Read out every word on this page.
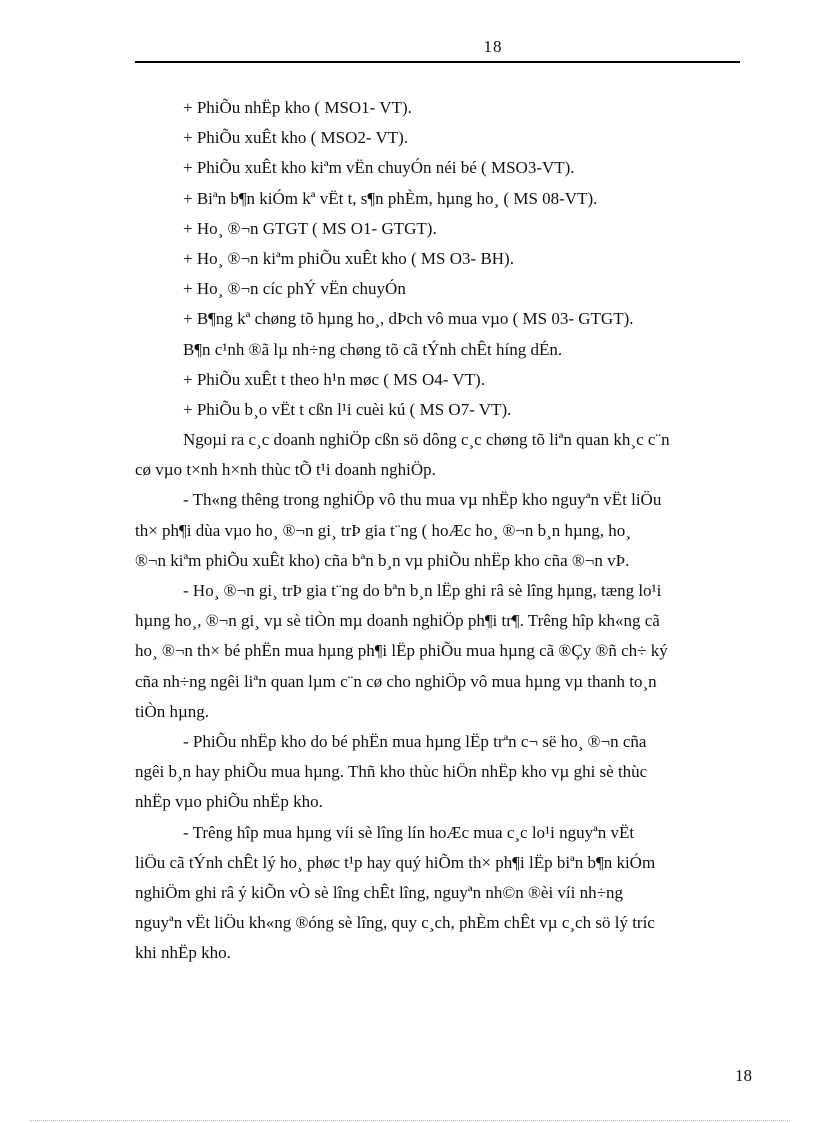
18
+ PhiÕu nhËp kho ( MSO1- VT).
+ PhiÕu xuÊt kho ( MSO2- VT).
+ PhiÕu xuÊt kho kiªm vËn chuyÓn néi bé ( MSO3-VT).
+ Biªn b¶n kiÓm kª vËt t, s¶n phÈm, hµng ho¸ ( MS 08-VT).
+ Ho¸ ®¬n GTGT ( MS O1- GTGT).
+ Ho¸ ®¬n kiªm phiÕu xuÊt kho ( MS O3- BH).
+ Ho¸ ®¬n cíc phÝ vËn chuyÓn
+ B¶ng kª chøng tõ hµng ho¸, dÞch vô mua vµo ( MS 03- GTGT).
B¶n c¹nh ®ã lµ nh÷ng chøng tõ cã tÝnh chÊt híng dÉn.
+ PhiÕu xuÊt t theo h¹n møc ( MS O4- VT).
+ PhiÕu b¸o vËt t cßn l¹i cuèi kú ( MS O7- VT).
Ngoµi ra c¸c doanh nghiÖp cßn sö dông c¸c chøng tõ liªn quan kh¸c c¨n
cø vµo t×nh h×nh thùc tÕ t¹i doanh nghiÖp.
- Th«ng thêng trong nghiÖp vô thu mua vµ nhËp kho nguyªn vËt liÖu
th× ph¶i dùa vµo ho¸ ®¬n gi¸ trÞ gia t¨ng ( hoÆc ho¸ ®¬n b¸n hµng, ho¸
®¬n kiªm phiÕu xuÊt kho) cña bªn b¸n vµ phiÕu nhËp kho cña ®¬n vÞ.
- Ho¸ ®¬n gi¸ trÞ gia t¨ng do bªn b¸n lËp ghi râ sè lîng hµng, tæng lo¹i
hµng ho¸, ®¬n gi¸ vµ sè tiÒn mµ doanh nghiÖp ph¶i tr¶. Trêng hîp kh«ng cã
ho¸ ®¬n th× bé phËn mua hµng ph¶i lËp phiÕu mua hµng cã ®Çy ®ñ ch÷ ký
cña nh÷ng ngêi liªn quan lµm c¨n cø cho nghiÖp vô mua hµng vµ thanh to¸n
tiÒn hµng.
- PhiÕu nhËp kho do bé phËn mua hµng lËp trªn c¬ së ho¸ ®¬n cña
ngêi b¸n hay phiÕu mua hµng. Thñ kho thùc hiÖn nhËp kho vµ ghi sè thùc
nhËp vµo phiÕu nhËp kho.
- Trêng hîp mua hµng víi sè lîng lín hoÆc mua c¸c lo¹i nguyªn vËt
liÖu cã tÝnh chÊt lý ho¸ phøc t¹p hay quý hiÕm th× ph¶i lËp biªn b¶n kiÓm
nghiÖm ghi râ ý kiÕn vÒ sè lîng chÊt lîng, nguyªn nh©n ®èi víi nh÷ng
nguyªn vËt liÖu kh«ng ®óng sè lîng, quy c¸ch, phÈm chÊt vµ c¸ch sö lý tríc
khi nhËp kho.
18
